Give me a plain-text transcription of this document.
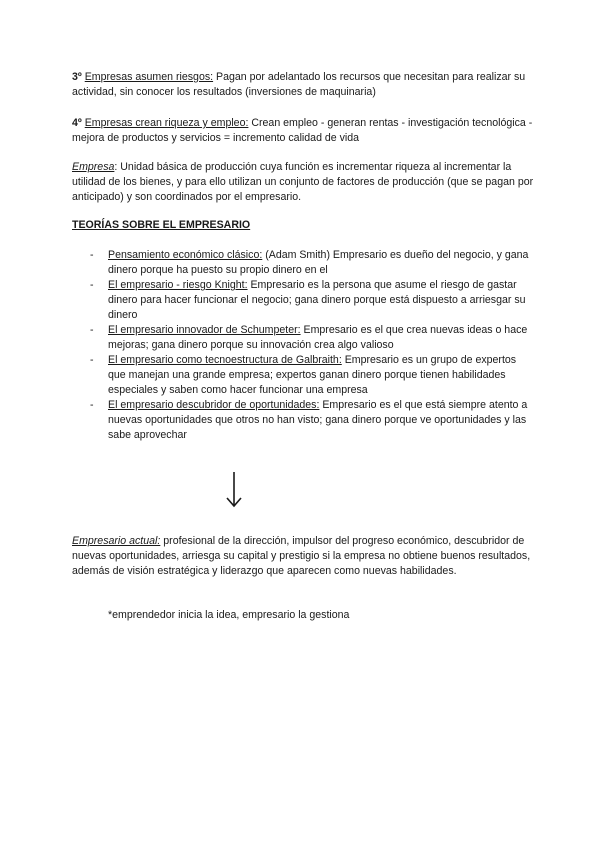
3º Empresas asumen riesgos: Pagan por adelantado los recursos que necesitan para realizar su actividad, sin conocer los resultados (inversiones de maquinaria)

4º Empresas crean riqueza y empleo: Crean empleo - generan rentas - investigación tecnológica - mejora de productos y servicios = incremento calidad de vida

Empresa: Unidad básica de producción cuya función es incrementar riqueza al incrementar la utilidad de los bienes, y para ello utilizan un conjunto de factores de producción (que se pagan por anticipado) y son coordinados por el empresario.

TEORÍAS SOBRE EL EMPRESARIO
- Pensamiento económico clásico: (Adam Smith) Empresario es dueño del negocio, y gana dinero porque ha puesto su propio dinero en el
- El empresario - riesgo Knight: Empresario es la persona que asume el riesgo de gastar dinero para hacer funcionar el negocio; gana dinero porque está dispuesto a arriesgar su dinero
- El empresario innovador de Schumpeter: Empresario es el que crea nuevas ideas o hace mejoras; gana dinero porque su innovación crea algo valioso
- El empresario como tecnoestructura de Galbraith: Empresario es un grupo de expertos que manejan una grande empresa; expertos ganan dinero porque tienen habilidades especiales y saben como hacer funcionar una empresa
- El empresario descubridor de oportunidades: Empresario es el que está siempre atento a nuevas oportunidades que otros no han visto; gana dinero porque ve oportunidades y las sabe aprovechar

Empresario actual: profesional de la dirección, impulsor del progreso económico, descubridor de nuevas oportunidades, arriesga su capital y prestigio si la empresa no obtiene buenos resultados, además de visión estratégica y liderazgo que aparecen como nuevas habilidades.

*emprendedor inicia la idea, empresario la gestiona
